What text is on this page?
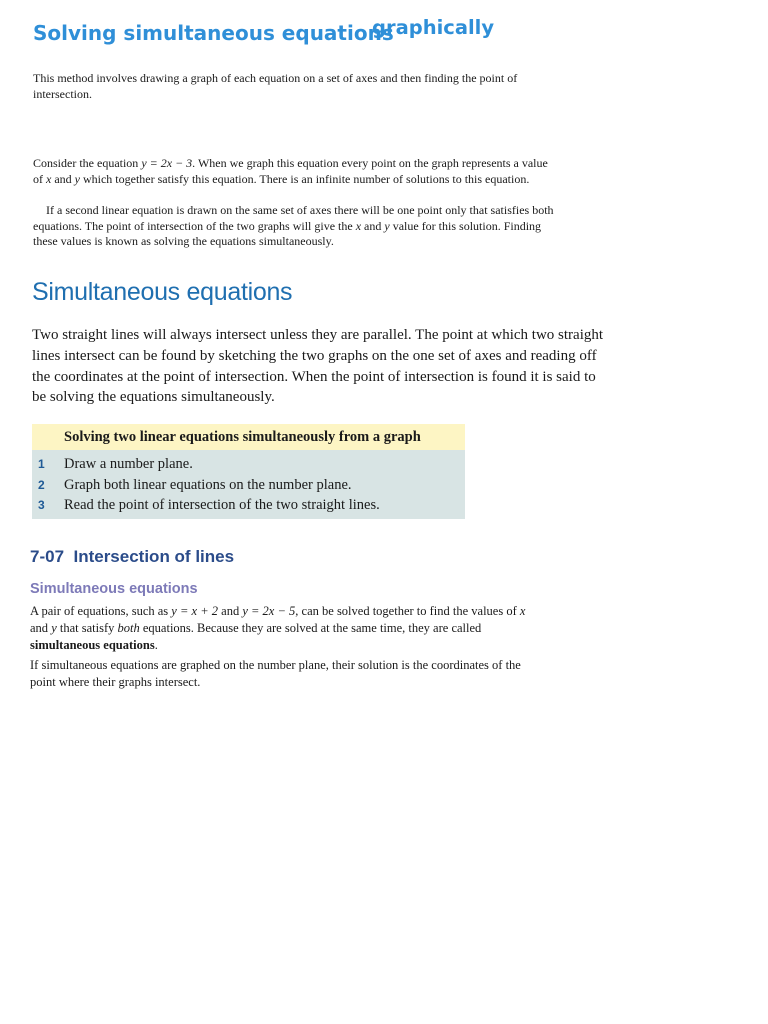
Solving simultaneous equations
graphically
This method involves drawing a graph of each equation on a set of axes and then finding the point of intersection.
Consider the equation y = 2x − 3. When we graph this equation every point on the graph represents a value of x and y which together satisfy this equation. There is an infinite number of solutions to this equation.
If a second linear equation is drawn on the same set of axes there will be one point only that satisfies both equations. The point of intersection of the two graphs will give the x and y value for this solution. Finding these values is known as solving the equations simultaneously.
Simultaneous equations
Two straight lines will always intersect unless they are parallel. The point at which two straight lines intersect can be found by sketching the two graphs on the one set of axes and reading off the coordinates at the point of intersection. When the point of intersection is found it is said to be solving the equations simultaneously.
Solving two linear equations simultaneously from a graph
1 Draw a number plane.
2 Graph both linear equations on the number plane.
3 Read the point of intersection of the two straight lines.
7-07  Intersection of lines
Simultaneous equations
A pair of equations, such as y = x + 2 and y = 2x − 5, can be solved together to find the values of x and y that satisfy both equations. Because they are solved at the same time, they are called simultaneous equations.
If simultaneous equations are graphed on the number plane, their solution is the coordinates of the point where their graphs intersect.
